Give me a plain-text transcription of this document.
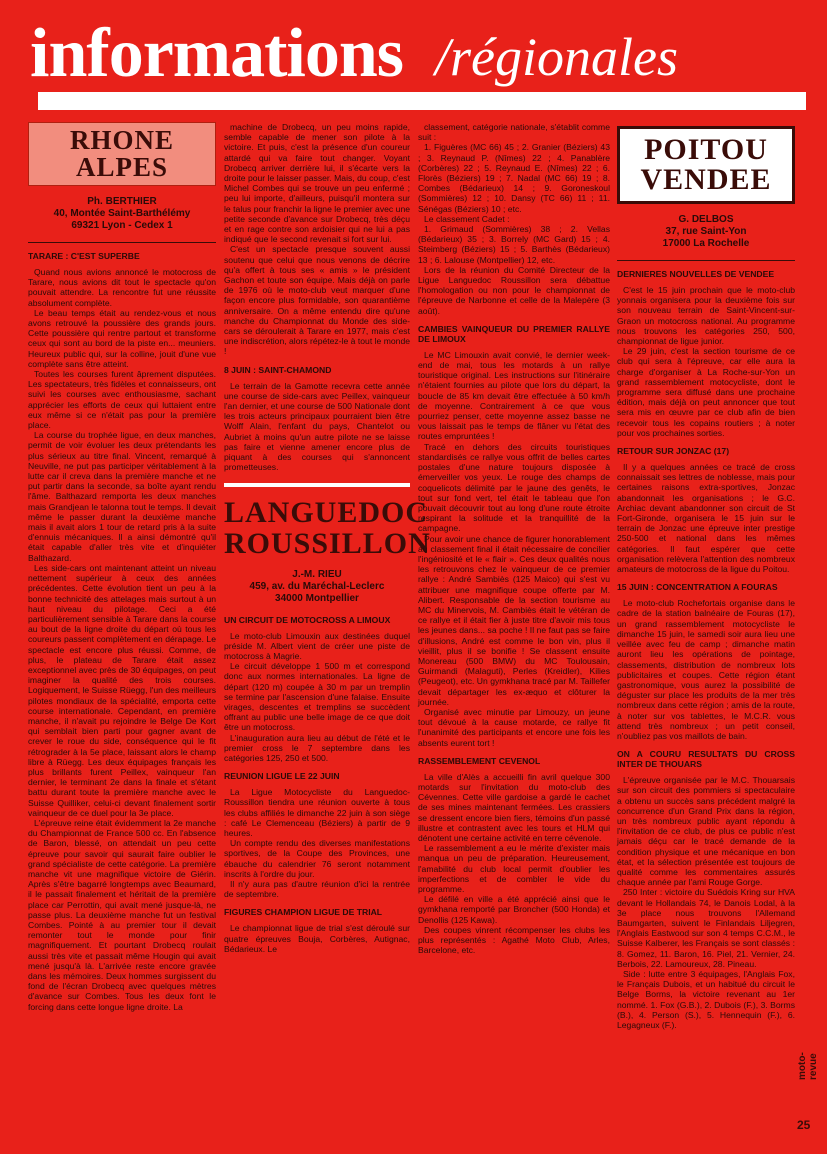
informations /régionales
RHONE
ALPES
Ph. BERTHIER
40, Montée Saint-Barthélémy
69321 Lyon - Cedex 1
TARARE : C'EST SUPERBE

Quand nous avions annoncé le motocross de Tarare, nous avions dit tout le spectacle qu'on pouvait attendre. La rencontre fut une réussite absolument complète.

Le beau temps était au rendez-vous et nous avons retrouvé la poussière des grands jours. Cette poussière qui rentre partout et transforme ceux qui sont au bord de la piste en... meuniers. Heureux public qui, sur la colline, jouit d'une vue complète sans être atteint.

Toutes les courses furent âprement disputées. Les spectateurs, très fidèles et connaisseurs, ont suivi les courses avec enthousiasme, sachant apprécier les efforts de ceux qui luttaient entre eux même si ce n'était pas pour la première place.

La course du trophée ligue, en deux manches, permit de voir évoluer les deux prétendants les plus sérieux au titre final. Vincent, remarqué à Neuville, ne put pas participer véritablement à la lutte car il creva dans la première manche et ne put partir dans la seconde, sa boîte ayant rendu l'âme. Balthazard remporta les deux manches mais Grandjean le talonna tout le temps. Il devait même le passer durant la deuxième manche mais il avait alors 1 tour de retard pris à la suite d'ennuis mécaniques. Il a ainsi démontré qu'il était capable d'aller très vite et d'inquiéter Balthazard.

Les side-cars ont maintenant atteint un niveau nettement supérieur à ceux des années précédentes. Cette évolution tient un peu à la bonne technicité des attelages mais surtout à un haut niveau du pilotage. Ceci a été particulièrement sensible à Tarare dans la course au bout de la ligne droite du départ où tous les coureurs passent complètement en dérapage. Le spectacle est encore plus réussi. Comme, de plus, le plateau de Tarare était assez exceptionnel avec près de 30 équipages, on peut imaginer la qualité des trois courses. Logiquement, le Suisse Rüegg, l'un des meilleurs pilotes mondiaux de la spécialité, emporta cette course internationale. Cependant, en première manche, il n'avait pu rejoindre le Belge De Kort qui semblait bien parti pour gagner avant de crever le roue du side, conséquence qui le fit rétrograder à la 5e place, laissant alors le champ libre à Rüegg. Les deux équipages français les plus brillants furent Peillex, vainqueur l'an dernier, le terminant 2e dans la finale et s'étant battu durant toute la première manche avec le Suisse Quilliker, celui-ci devant finalement sortir vainqueur de ce duel pour la 3e place.

L'épreuve reine était évidemment la 2e manche du Championnat de France 500 cc. En l'absence de Baron, blessé, on attendait un peu cette épreuve pour savoir qui saurait faire oublier le grand spécialiste de cette catégorie. La première manche vit une magnifique victoire de Giérin. Après s'être bagarré longtemps avec Beaumard, il le passait finalement et héritait de la première place car Perrottin, qui avait mené jusque-là, ne passe plus. La deuxième manche fut un festival Combes. Pointé à au premier tour il devait remonter tout le monde pour finir magnifiquement. Et pourtant Drobecq roulait aussi très vite et passait même Hougin qui avait mené jusqu'à là. L'arrivée reste encore gravée dans les mémoires. Deux hommes surgissent du fond de l'écran Drobecq avec quelques mètres d'avance sur Combes. Tous les deux font le forcing dans cette longue ligne droite. La

machine de Drobecq, un peu moins rapide, semble capable de mener son pilote à la victoire. Et puis, c'est la présence d'un coureur attardé qui va faire tout changer. Voyant Drobecq arriver derrière lui, il s'écarte vers la droite pour le laisser passer. Mais, du coup, c'est Michel Combes qui se trouve un peu enfermé ; peu lui importe, d'ailleurs, puisqu'il montera sur le talus pour franchir la ligne le premier avec une petite seconde d'avance sur Drobecq, très déçu et en rage contre son ardoisier qui ne lui a pas indiqué que le second revenait si fort sur lui.

C'est un spectacle presque souvent aussi soutenu que celui que nous venons de décrire qu'a offert à tous ses « amis » le président Gachon et toute son équipe. Mais déjà on parle de 1976 où le moto-club veut marquer d'une façon encore plus formidable, son quarantième anniversaire. On a même entendu dire qu'une manche du Championnat du Monde des side-cars se déroulerait à Tarare en 1977, mais c'est une indiscrétion, alors répétez-le à tout le monde !

8 JUIN : SAINT-CHAMOND

Le terrain de la Gamotte recevra cette année une course de side-cars avec Peillex, vainqueur l'an dernier, et une course de 500 Nationale dont les trois acteurs principaux pourraient bien être Wolff Alain, l'enfant du pays, Chantelot ou Aubriet à moins qu'un autre pilote ne se laisse pas faire et vienne amener encore plus de piquant à des courses qui s'annoncent prometteuses.

LANGUEDOC
ROUSSILLON
J.-M. RIEU
459, av. du Maréchal-Leclerc
34000 Montpellier
UN CIRCUIT DE MOTOCROSS A LIMOUX

Le moto-club Limouxin aux destinées duquel préside M. Albert vient de créer une piste de motocross à Magrie.

Le circuit développe 1 500 m et correspond donc aux normes internationales. La ligne de départ (120 m) coupée à 30 m par un tremplin se termine par l'ascension d'une falaise. Ensuite virages, descentes et tremplins se succèdent offrant au public une belle image de ce que doit être un motocross.

L'inauguration aura lieu au début de l'été et le premier cross le 7 septembre dans les catégories 125, 250 et 500.

REUNION LIGUE LE 22 JUIN

La Ligue Motocycliste du Languedoc-Roussillon tiendra une réunion ouverte à tous les clubs affiliés le dimanche 22 juin à son siège : café Le Clemenceau (Béziers) à partir de 9 heures.

Un compte rendu des diverses manifestations sportives, de la Coupe des Provinces, une ébauche du calendrier 76 seront notamment inscrits à l'ordre du jour.

Il n'y aura pas d'autre réunion d'ici la rentrée de septembre.

FIGURES CHAMPION LIGUE DE TRIAL

Le championnat ligue de trial s'est déroulé sur quatre épreuves Bouja, Corbères, Autignac, Bédarieux. Le

classement, catégorie nationale, s'établit comme suit :

1. Figuères (MC 66) 45 ; 2. Granier (Béziers) 43 ; 3. Reynaud P. (Nîmes) 22 ; 4. Panablère (Corbères) 22 ; 5. Reynaud E. (Nîmes) 22 ; 6. Florès (Béziers) 19 ; 7. Nadal (MC 66) 19 ; 8. Combes (Bédarieux) 14 ; 9. Goroneskoul (Sommières) 12 ; 10. Dansy (TC 66) 11 ; 11. Sénégas (Béziers) 10 ; etc.

Le classement Cadet :

1. Grimaud (Sommières) 38 ; 2. Vellas (Bédarieux) 35 ; 3. Borrely (MC Gard) 15 ; 4. Steimberg (Béziers) 15 ; 5. Barthès (Bédarieux) 13 ; 6. Lalouse (Montpellier) 12, etc.

Lors de la réunion du Comité Directeur de la Ligue Languedoc Roussillon sera débattue l'homologation ou non pour le championnat de l'épreuve de Narbonne et celle de la Malepère (3 août).

CAMBIES VAINQUEUR DU PREMIER RALLYE DE LIMOUX

Le MC Limouxin avait convié, le dernier week-end de mai, tous les motards à un rallye touristique original. Les instructions sur l'itinéraire n'étaient fournies au pilote que lors du départ, la boucle de 85 km devait être effectuée à 50 km/h de moyenne. Contrairement à ce que vous pourriez penser, cette moyenne assez basse ne vous laissait pas le temps de flâner vu l'état des routes empruntées !

Tracé en dehors des circuits touristiques standardisés ce rallye vous offrit de belles cartes postales d'une nature toujours disposée à émerveiller vos yeux. Le rouge des champs de coquelicots délimité par le jaune des genêts, le tout sur fond vert, tel était le tableau que l'on pouvait découvrir tout au long d'une route étroite respirant la solitude et la tranquillité de la campagne.

Pour avoir une chance de figurer honorablement au classement final il était nécessaire de concilier l'ingéniosité et le « flair ». Ces deux qualités nous les retrouvons chez le vainqueur de ce premier rallye : André Sambiès (125 Maico) qui s'est vu attribuer une magnifique coupe offerte par M. Alibert. Responsable de la section tourisme au MC du Minervois, M. Cambiès était le vétéran de ce rallye et il était fier à juste titre d'avoir mis tous les jeunes dans... sa poche ! Il ne faut pas se faire d'illusions, André est comme le bon vin, plus il vieillit, plus il se bonifie ! Se classent ensuite Monereau (500 BMW) du MC Toulousain, Guirmandi (Malaguti), Perles (Kreidler), Kilies (Peugeot), etc. Un gymkhana tracé par M. Taillefer devait départager les ex-æquo et clôturer la journée.

Organisé avec minutie par Limouzy, un jeune tout dévoué à la cause motarde, ce rallye fit l'unanimité des participants et encore une fois les absents eurent tort !

RASSEMBLEMENT CEVENOL

La ville d'Alès a accueilli fin avril quelque 300 motards sur l'invitation du moto-club des Cévennes. Cette ville gardoise a gardé le cachet de ses mines maintenant fermées. Les crassiers se dressent encore bien fiers, témoins d'un passé illustre et contrastent avec les tours et HLM qui dénotent une certaine activité en terre cévenole.

Le rassemblement a eu le mérite d'exister mais manqua un peu de préparation. Heureusement, l'amabilité du club local permit d'oublier les imperfections et de combler le vide du programme.

Le défilé en ville a été apprécié ainsi que le gymkhana remporté par Broncher (500 Honda) et Denollis (125 Kawa).

Des coupes vinrent récompenser les clubs les plus représentés : Agathé Moto Club, Arles, Barcelone, etc.

POITOU
VENDEE
G. DELBOS
37, rue Saint-Yon
17000 La Rochelle
DERNIERES NOUVELLES DE VENDEE

C'est le 15 juin prochain que le moto-club yonnais organisera pour la deuxième fois sur son nouveau terrain de Saint-Vincent-sur-Graon un motocross national. Au programme nous trouvons les catégories 250, 500, championnat de ligue junior.

Le 29 juin, c'est la section tourisme de ce club qui sera à l'épreuve, car elle aura la charge d'organiser à La Roche-sur-Yon un grand rassemblement motocycliste, dont le programme sera diffusé dans une prochaine édition, mais déjà on peut annoncer que tout sera mis en œuvre par ce club afin de bien recevoir tous les copains routiers ; à noter pour vos prochaines sorties.

RETOUR SUR JONZAC (17)

Il y a quelques années ce tracé de cross connaissait ses lettres de noblesse, mais pour certaines raisons extra-sportives, Jonzac abandonnait les organisations ; le G.C. Archiac devant abandonner son circuit de St Fort-Gironde, organisera le 15 juin sur le terrain de Jonzac une épreuve inter prestige 250-500 et national dans les mêmes catégories. Il faut espérer que cette organisation relèvera l'attention des nombreux amateurs de motocross de la ligue du Poitou.

15 JUIN : CONCENTRATION A FOURAS

Le moto-club Rochefortais organise dans le cadre de la station balnéaire de Fouras (17), un grand rassemblement motocycliste le dimanche 15 juin, le samedi soir aura lieu une veillée avec feu de camp ; dimanche matin auront lieu les opérations de pointage, classements, distribution de nombreux lots publicitaires et coupes. Cette région étant gastronomique, vous aurez la possibilité de déguster sur place les produits de la mer très nombreux dans cette région ; amis de la route, à noter sur vos tablettes, le M.C.R. vous attend très nombreux ; un petit conseil, n'oubliez pas vos maillots de bain.

ON A COURU RESULTATS DU CROSS INTER DE THOUARS

L'épreuve organisée par le M.C. Thouarsais sur son circuit des pommiers si spectaculaire a obtenu un succès sans précédent malgré la concurrence d'un Grand Prix dans la région, un très nombreux public ayant répondu à l'invitation de ce club, de plus ce public n'est jamais déçu car le tracé demande de la condition physique et une mécanique en bon état, et la sélection présentée est toujours de qualité comme les commentaires assurés chaque année par l'ami Rouge Gorge.

250 Inter : victoire du Suédois Kring sur HVA devant le Hollandais 74, le Danois Lodal, à la 3e place nous trouvons l'Allemand Baumgarten, suivent le Finlandais Liljegren, l'Anglais Eastwood sur son 4 temps C.C.M., le Suisse Kalberer, les Français se sont classés : 8. Gomez, 11. Baron, 16. Piel, 21. Vernier, 24. Berbois, 22. Lamoureux, 28. Pineau.

Side : lutte entre 3 équipages, l'Anglais Fox, le Français Dubois, et un habitué du circuit le Belge Borms, la victoire revenant au 1er nommé. 1. Fox (G.B.), 2. Dubois (F.), 3. Borms (B.), 4. Person (S.), 5. Hennequin (F.), 6. Legagneux (F.).

moto-revue
25
